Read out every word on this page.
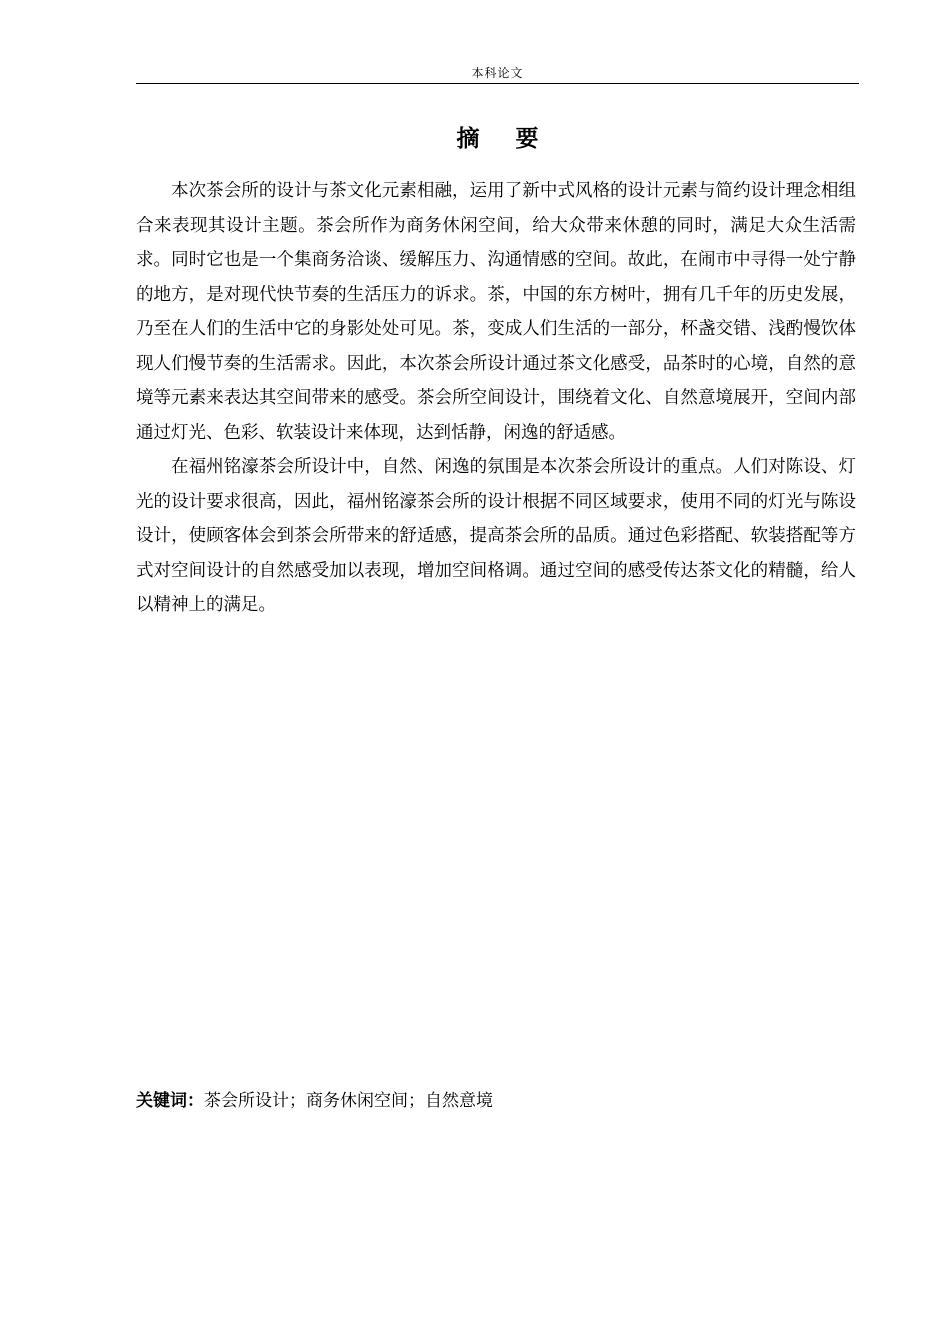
本科论文
摘 要

本次茶会所的设计与茶文化元素相融，运用了新中式风格的设计元素与简约设计理念相组合来表现其设计主题。茶会所作为商务休闲空间，给大众带来休憩的同时，满足大众生活需求。同时它也是一个集商务洽谈、缓解压力、沟通情感的空间。故此，在闹市中寻得一处宁静的地方，是对现代快节奏的生活压力的诉求。茶，中国的东方树叶，拥有几千年的历史发展，乃至在人们的生活中它的身影处处可见。茶，变成人们生活的一部分，杯盏交错、浅酌慢饮体现人们慢节奏的生活需求。因此，本次茶会所设计通过茶文化感受，品茶时的心境，自然的意境等元素来表达其空间带来的感受。茶会所空间设计，围绕着文化、自然意境展开，空间内部通过灯光、色彩、软装设计来体现，达到恬静，闲逸的舒适感。

在福州铭濠茶会所设计中，自然、闲逸的氛围是本次茶会所设计的重点。人们对陈设、灯光的设计要求很高，因此，福州铭濠茶会所的设计根据不同区域要求，使用不同的灯光与陈设设计，使顾客体会到茶会所带来的舒适感，提高茶会所的品质。通过色彩搭配、软装搭配等方式对空间设计的自然感受加以表现，增加空间格调。通过空间的感受传达茶文化的精髓，给人以精神上的满足。

关键词：茶会所设计；商务休闲空间；自然意境
